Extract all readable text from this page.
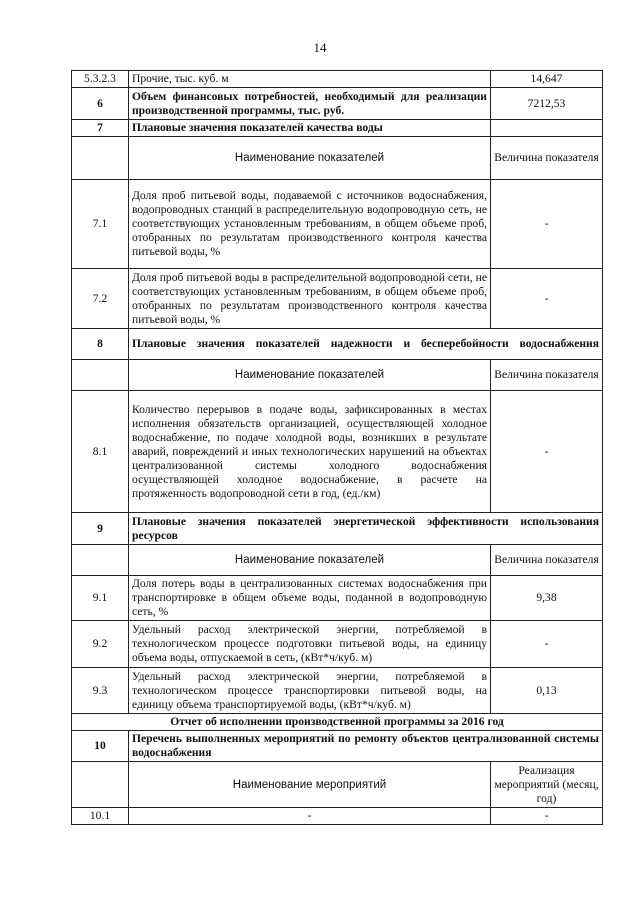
14
5.3.2.3	Прочие, тыс. куб. м	14,647
6	Объем финансовых потребностей, необходимый для реализации производственной программы, тыс. руб.	7212,53
7	Плановые значения показателей качества воды	
	Наименование показателей	Величина показателя
7.1	Доля проб питьевой воды, подаваемой с источников водоснабжения, водопроводных станций в распределительную водопроводную сеть, не соответствующих установленным требованиям, в общем объеме проб, отобранных по результатам производственного контроля качества питьевой воды, %	-
7.2	Доля проб питьевой воды в распределительной водопроводной сети, не соответствующих установленным требованиям, в общем объеме проб, отобранных по результатам производственного контроля качества питьевой воды, %	-
8	Плановые значения показателей надежности и бесперебойности водоснабжения	
	Наименование показателей	Величина показателя
8.1	Количество перерывов в подаче воды, зафиксированных в местах исполнения обязательств организацией, осуществляющей холодное водоснабжение, по подаче холодной воды, возникших в результате аварий, повреждений и иных технологических нарушений на объектах централизованной системы холодного водоснабжения осуществляющей холодное водоснабжение, в расчете на протяженность водопроводной сети в год, (ед./км)	-
9	Плановые значения показателей энергетической эффективности использования ресурсов	
	Наименование показателей	Величина показателя
9.1	Доля потерь воды в централизованных системах водоснабжения при транспортировке в общем объеме воды, поданной в водопроводную сеть, %	9,38
9.2	Удельный расход электрической энергии, потребляемой в технологическом процессе подготовки питьевой воды, на единицу объема воды, отпускаемой в сеть, (кВт*ч/куб. м)	-
9.3	Удельный расход электрической энергии, потребляемой в технологическом процессе транспортировки питьевой воды, на единицу объема транспортируемой воды, (кВт*ч/куб. м)	0,13
Отчет об исполнении производственной программы за 2016 год		
10	Перечень выполненных мероприятий по ремонту объектов централизованной системы водоснабжения	
	Наименование мероприятий	Реализация мероприятий (месяц, год)
10.1	-	-
